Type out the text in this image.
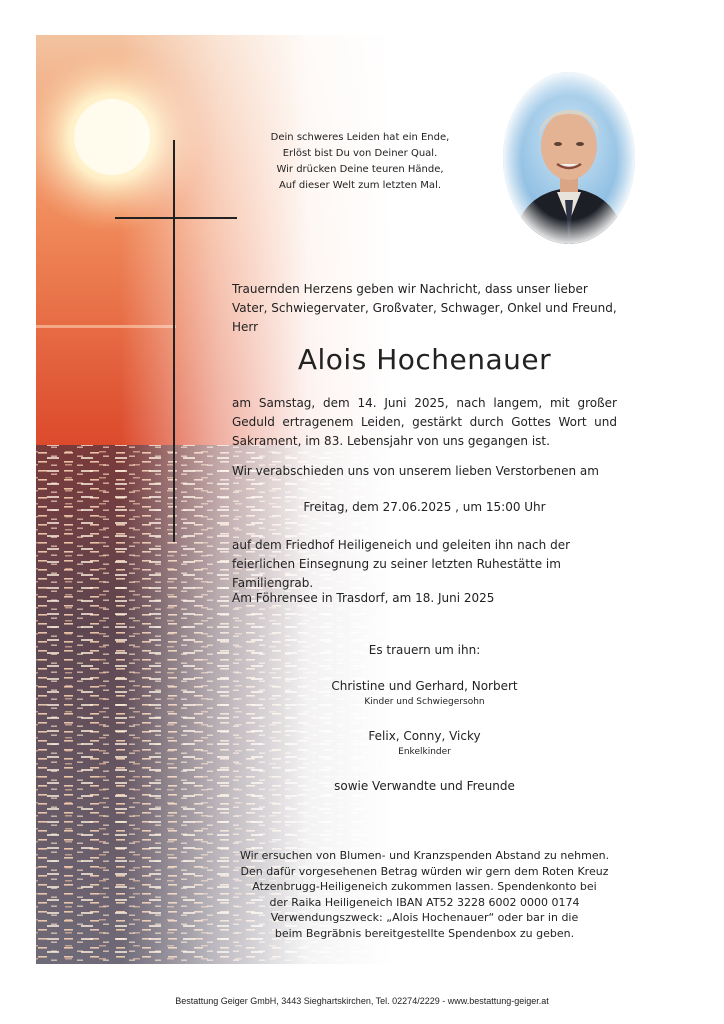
Dein schweres Leiden hat ein Ende,
Erlöst bist Du von Deiner Qual.
Wir drücken Deine teuren Hände,
Auf dieser Welt zum letzten Mal.
Trauernden Herzens geben wir Nachricht, dass unser lieber Vater, Schwiegervater, Großvater, Schwager, Onkel und Freund, Herr
Alois Hochenauer
am Samstag, dem 14. Juni 2025, nach langem, mit großer Geduld ertragenem Leiden, gestärkt durch Gottes Wort und Sakrament, im 83. Lebensjahr von uns gegangen ist.
Wir verabschieden uns von unserem lieben Verstorbenen am
Freitag, dem 27.06.2025 , um 15:00 Uhr
auf dem Friedhof Heiligeneich und geleiten ihn nach der feierlichen Einsegnung zu seiner letzten Ruhestätte im Familiengrab.
Am Föhrensee in Trasdorf, am 18. Juni 2025
Es trauern um ihn:
Christine und Gerhard, Norbert
Kinder und Schwiegersohn
Felix, Conny, Vicky
Enkelkinder
sowie Verwandte und Freunde
Wir ersuchen von Blumen- und Kranzspenden Abstand zu nehmen.
Den dafür vorgesehenen Betrag würden wir gern dem Roten Kreuz
Atzenbrugg-Heiligeneich zukommen lassen. Spendenkonto bei
der Raika Heiligeneich IBAN AT52 3228 6002 0000 0174
Verwendungszweck: „Alois Hochenauer“ oder bar in die
beim Begräbnis bereitgestellte Spendenbox zu geben.
Bestattung Geiger GmbH, 3443 Sieghartskirchen, Tel. 02274/2229 - www.bestattung-geiger.at
